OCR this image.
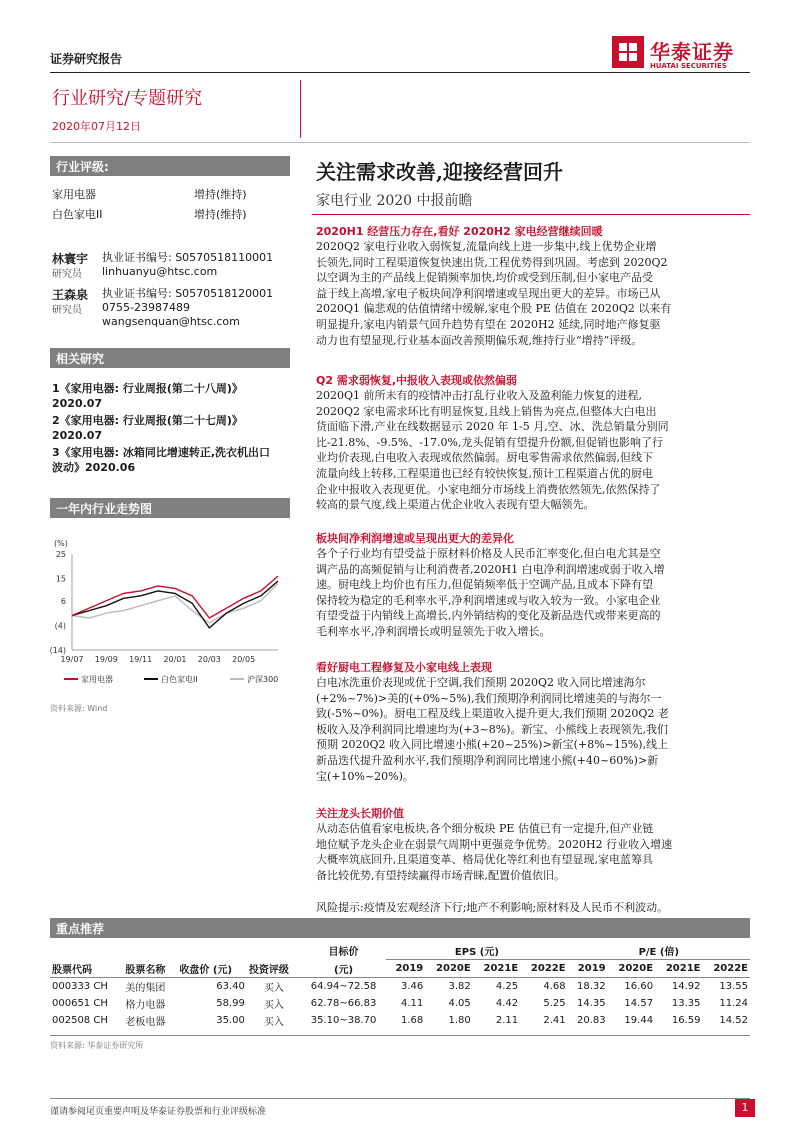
证券研究报告	华泰证券
HUATAI SECURITIES
行业研究/专题研究
2020年07月12日
行业评级:
家用电器	增持(维持)
白色家电II	增持(维持)
林寰宇
研究员
执业证书编号: S0570518110001
linhuanyu@htsc.com
王森泉
研究员
执业证书编号: S0570518120001
0755-23987489
wangsenquan@htsc.com
相关研究
1《家用电器: 行业周报(第二十八周)》
2020.07
2《家用电器: 行业周报(第二十七周)》
2020.07
3《家用电器: 冰箱同比增速转正,洗衣机出口
波动》2020.06
一年内行业走势图
(%)
25
15
6
(4)
(14)
19/07 19/09 19/11 20/01 20/03 20/05
家用电器	白色家电II	沪深300
资料来源: Wind
关注需求改善,迎接经营回升
家电行业 2020 中报前瞻
2020H1 经营压力存在,看好 2020H2 家电经营继续回暖
2020Q2 家电行业收入弱恢复,流量向线上进一步集中,线上优势企业增
长领先,同时工程渠道恢复快速出货,工程优势得到巩固。考虑到 2020Q2
以空调为主的产品线上促销频率加快,均价或受到压制,但小家电产品受
益于线上高增,家电子板块间净利润增速或呈现出更大的差异。市场已从
2020Q1 偏悲观的估值情绪中缓解,家电个股 PE 估值在 2020Q2 以来有
明显提升,家电内销景气回升趋势有望在 2020H2 延续,同时地产修复驱
动力也有望显现,行业基本面改善预期偏乐观,维持行业“增持”评级。
Q2 需求弱恢复,中报收入表现或依然偏弱
2020Q1 前所未有的疫情冲击打乱行业收入及盈利能力恢复的进程,
2020Q2 家电需求环比有明显恢复,且线上销售为亮点,但整体大白电出
货面临下滑,产业在线数据显示 2020 年 1-5 月,空、冰、洗总销量分别同
比-21.8%、-9.5%、-17.0%,龙头促销有望提升份额,但促销也影响了行
业均价表现,白电收入表现或依然偏弱。厨电零售需求依然偏弱,但线下
流量向线上转移,工程渠道也已经有较快恢复,预计工程渠道占优的厨电
企业中报收入表现更优。小家电细分市场线上消费依然领先,依然保持了
较高的景气度,线上渠道占优企业收入表现有望大幅领先。
板块间净利润增速或呈现出更大的差异化
各个子行业均有望受益于原材料价格及人民币汇率变化,但白电尤其是空
调产品的高频促销与让利消费者,2020H1 白电净利润增速或弱于收入增
速。厨电线上均价也有压力,但促销频率低于空调产品,且成本下降有望
保持较为稳定的毛利率水平,净利润增速或与收入较为一致。小家电企业
有望受益于内销线上高增长,内外销结构的变化及新品迭代或带来更高的
毛利率水平,净利润增长或明显领先于收入增长。
看好厨电工程修复及小家电线上表现
白电冰洗重价表现或优于空调,我们预期 2020Q2 收入同比增速海尔
(+2%~7%)>美的(+0%~5%),我们预期净利润同比增速美的与海尔一
致(-5%~0%)。厨电工程及线上渠道收入提升更大,我们预期 2020Q2 老
板收入及净利润同比增速均为(+3~8%)。新宝、小熊线上表现领先,我们
预期 2020Q2 收入同比增速小熊(+20~25%)>新宝(+8%~15%),线上
新品迭代提升盈利水平,我们预期净利润同比增速小熊(+40~60%)>新
宝(+10%~20%)。
关注龙头长期价值
从动态估值看家电板块,各个细分板块 PE 估值已有一定提升,但产业链
地位赋予龙头企业在弱景气周期中更强竞争优势。2020H2 行业收入增速
大概率筑底回升,且渠道变革、格局优化等红利也有望显现,家电蓝筹具
备比较优势,有望持续赢得市场青睐,配置价值依旧。
风险提示:疫情及宏观经济下行;地产不利影响;原材料及人民币不利波动。
重点推荐
				目标价	EPS (元)				P/E (倍)			
股票代码	股票名称	收盘价 (元)	投资评级	(元)	2019	2020E	2021E	2022E	2019	2020E	2021E	2022E
000333 CH	美的集团	63.40	买入	64.94~72.58	3.46	3.82	4.25	4.68	18.32	16.60	14.92	13.55
000651 CH	格力电器	58.99	买入	62.78~66.83	4.11	4.05	4.42	5.25	14.35	14.57	13.35	11.24
002508 CH	老板电器	35.00	买入	35.10~38.70	1.68	1.80	2.11	2.41	20.83	19.44	16.59	14.52
资料来源: 华泰证券研究所
谨请参阅尾页重要声明及华泰证券股票和行业评级标准	1
